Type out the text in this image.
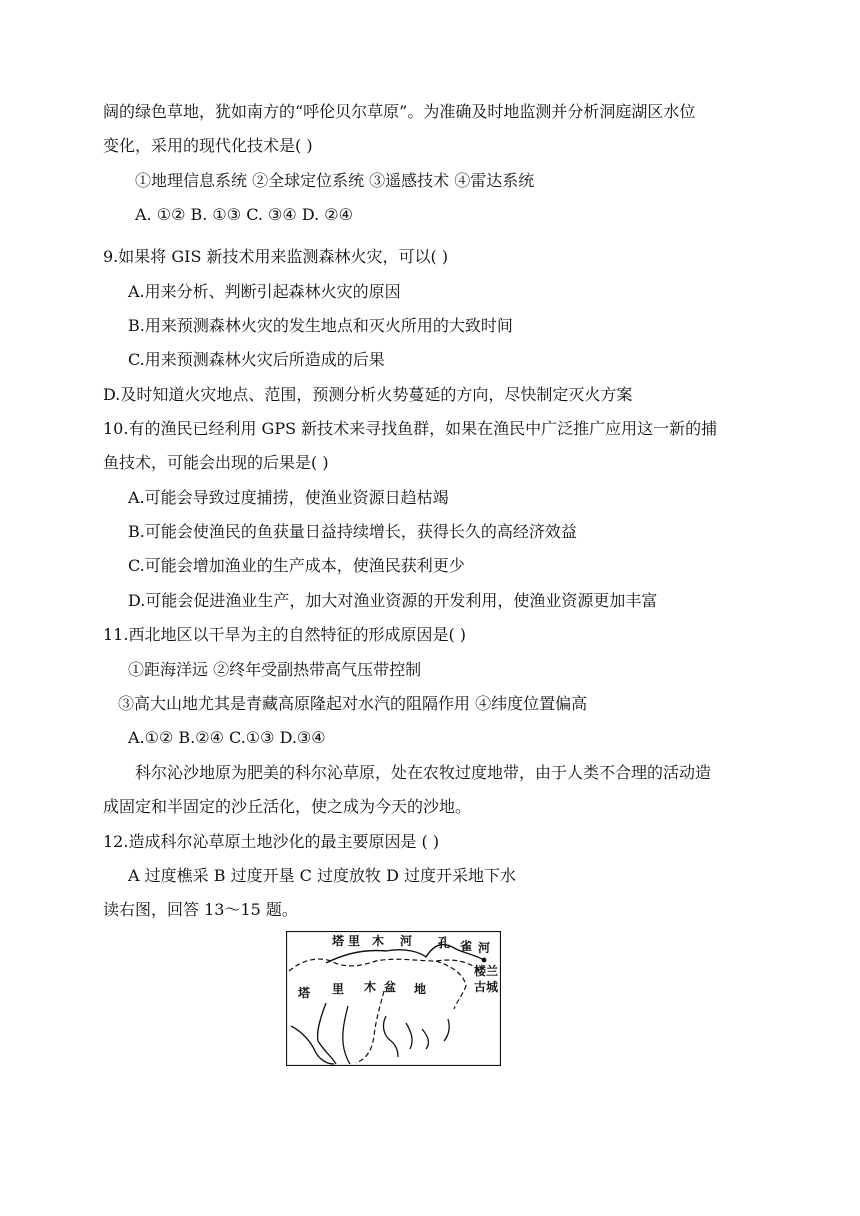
阔的绿色草地，犹如南方的“呼伦贝尔草原”。为准确及时地监测并分析洞庭湖区水位
变化，采用的现代化技术是( )
①地理信息系统 ②全球定位系统 ③遥感技术 ④雷达系统
A. ①② B. ①③ C. ③④ D. ②④
9.如果将 GIS 新技术用来监测森林火灾，可以( )
A.用来分析、判断引起森林火灾的原因
B.用来预测森林火灾的发生地点和灭火所用的大致时间
C.用来预测森林火灾后所造成的后果
D.及时知道火灾地点、范围，预测分析火势蔓延的方向，尽快制定灭火方案
10.有的渔民已经利用 GPS 新技术来寻找鱼群，如果在渔民中广泛推广应用这一新的捕
鱼技术，可能会出现的后果是( )
A.可能会导致过度捕捞，使渔业资源日趋枯竭
B.可能会使渔民的鱼获量日益持续增长，获得长久的高经济效益
C.可能会增加渔业的生产成本，使渔民获利更少
D.可能会促进渔业生产，加大对渔业资源的开发利用，使渔业资源更加丰富
11.西北地区以干旱为主的自然特征的形成原因是( )
①距海洋远 ②终年受副热带高气压带控制
③高大山地尤其是青藏高原隆起对水汽的阻隔作用 ④纬度位置偏高
A.①② B.②④ C.①③ D.③④
科尔沁沙地原为肥美的科尔沁草原，处在农牧过度地带，由于人类不合理的活动造
成固定和半固定的沙丘活化，使之成为今天的沙地。
12.造成科尔沁草原土地沙化的最主要原因是 ( )
A 过度樵采 B 过度开垦 C 过度放牧 D 过度开采地下水
读右图，回答 13～15 题。
塔 里 木 河 孔 雀 河
塔 里 木 盆 地
楼兰
古城
